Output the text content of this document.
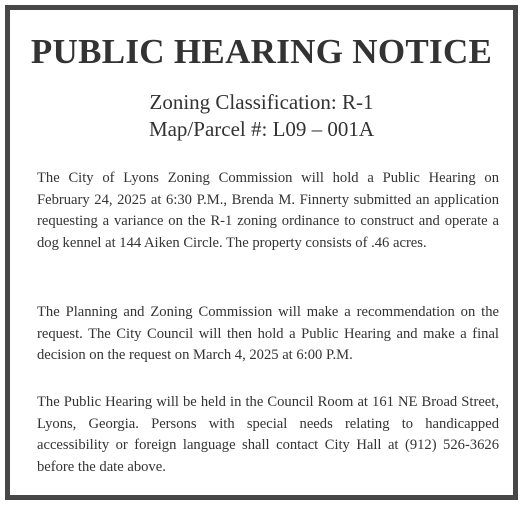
PUBLIC HEARING NOTICE
Zoning Classification: R-1
Map/Parcel #: L09 – 001A
The City of Lyons Zoning Commission will hold a Public Hearing on February 24, 2025 at 6:30 P.M., Brenda M. Finnerty submitted an application requesting a variance on the R-1 zoning ordinance to construct and operate a dog kennel at 144 Aiken Circle. The property consists of .46 acres.
The Planning and Zoning Commission will make a recommendation on the request. The City Council will then hold a Public Hearing and make a final decision on the request on March 4, 2025 at 6:00 P.M.
The Public Hearing will be held in the Council Room at 161 NE Broad Street, Lyons, Georgia. Persons with special needs relating to handicapped accessibility or foreign language shall contact City Hall at (912) 526-3626 before the date above.
